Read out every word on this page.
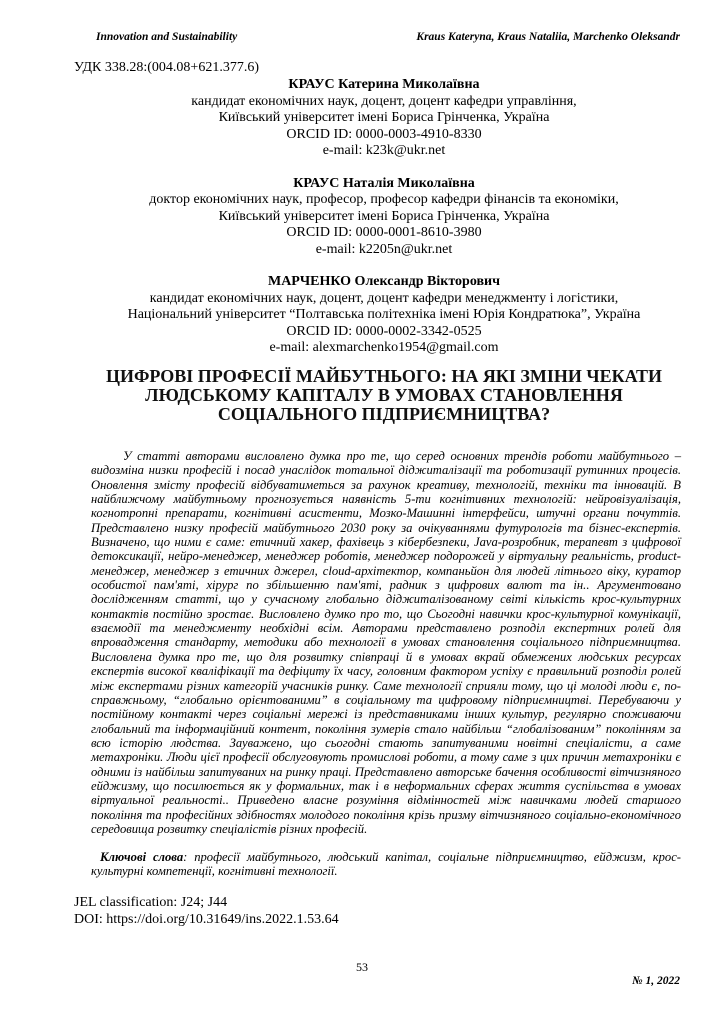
Innovation and Sustainability	Kraus Kateryna, Kraus Nataliia, Marchenko Oleksandr
УДК 338.28:(004.08+621.377.6)
КРАУС Катерина Миколаївна
кандидат економічних наук, доцент, доцент кафедри управління,
Київський університет імені Бориса Грінченка, Україна
ORCID ID: 0000-0003-4910-8330
e-mail: k23k@ukr.net
КРАУС Наталія Миколаївна
доктор економічних наук, професор, професор кафедри фінансів та економіки,
Київський університет імені Бориса Грінченка, Україна
ORCID ID: 0000-0001-8610-3980
e-mail: k2205n@ukr.net
МАРЧЕНКО Олександр Вікторович
кандидат економічних наук, доцент, доцент кафедри менеджменту і логістики,
Національний університет “Полтавська політехніка імені Юрія Кондратюка”, Україна
ORCID ID: 0000-0002-3342-0525
e-mail: alexmarchenko1954@gmail.com
ЦИФРОВІ ПРОФЕСІЇ МАЙБУТНЬОГО: НА ЯКІ ЗМІНИ ЧЕКАТИ ЛЮДСЬКОМУ КАПІТАЛУ В УМОВАХ СТАНОВЛЕННЯ СОЦІАЛЬНОГО ПІДПРИЄМНИЦТВА?

У статті авторами висловлено думка про те, що серед основних трендів роботи майбутнього – видозміна низки професій і посад унаслідок тотальної діджиталізації та роботизації рутинних процесів. Оновлення змісту професій відбуватиметься за рахунок креативу, технологій, техніки та інновацій. В найближчому майбутньому прогнозується наявність 5-ти когнітивних технологій: нейровізуалізація, когнотропні препарати, когнітивні асистенти, Мозко-Машинні інтерфейси, штучні органи почуттів. Представлено низку професій майбутнього 2030 року за очікуваннями футурологів та бізнес-експертів. Визначено, що ними є саме: етичний хакер, фахівець з кібербезпеки, Java-розробник, терапевт з цифрової детоксикації, нейро-менеджер, менеджер роботів, менеджер подорожей у віртуальну реальність, product-менеджер, менеджер з етичних джерел, cloud-архітектор, компаньйон для людей літнього віку, куратор особистої пам'яті, хірург по збільшенню пам'яті, радник з цифрових валют та ін.. Аргументовано дослідженням статті, що у сучасному глобально діджиталізованому світі кількість крос-культурних контактів постійно зростає. Висловлено думко про то, що Сьогодні навички крос-культурної комунікації, взаємодії та менеджменту необхідні всім. Авторами представлено розподіл експертних ролей для впровадження стандарту, методики або технології в умовах становлення соціального підприємництва. Висловлена думка про те, що для розвитку співпраці й в умовах вкрай обмежених людських ресурсах експертів високої кваліфікації та дефіциту їх часу, головним фактором успіху є правильний розподіл ролей між експертами різних категорій учасників ринку. Саме технології сприяли тому, що ці молоді люди є, по-справжньому, “глобально орієнтованими” в соціальному та цифровому підприємництві. Перебуваючи у постійному контакті через соціальні мережі із представниками інших культур, регулярно споживаючи глобальний та інформаційний контент, покоління зумерів стало найбільш “глобалізованим” поколінням за всю історію людства. Зауважено, що сьогодні стають запитуваними новітні спеціалісти, а саме метахроніки. Люди цієї професії обслуговують промислові роботи, а тому саме з цих причин метахроніки є одними із найбільш запитуваних на ринку праці. Представлено авторське бачення особливості вітчизняного ейджизму, що посилюється як у формальних, так і в неформальних сферах життя суспільства в умовах віртуальної реальності.. Приведено власне розуміння відмінностей між навичками людей старшого покоління та професійних здібностях молодого покоління крізь призму вітчизняного соціально-економічного середовища розвитку спеціалістів різних професій.

Ключові слова: професії майбутнього, людський капітал, соціальне підприємництво, ейджизм, крос-культурні компетенції, когнітивні технології.

JEL classification: J24; J44
DOI: https://doi.org/10.31649/ins.2022.1.53.64
53
№ 1, 2022
